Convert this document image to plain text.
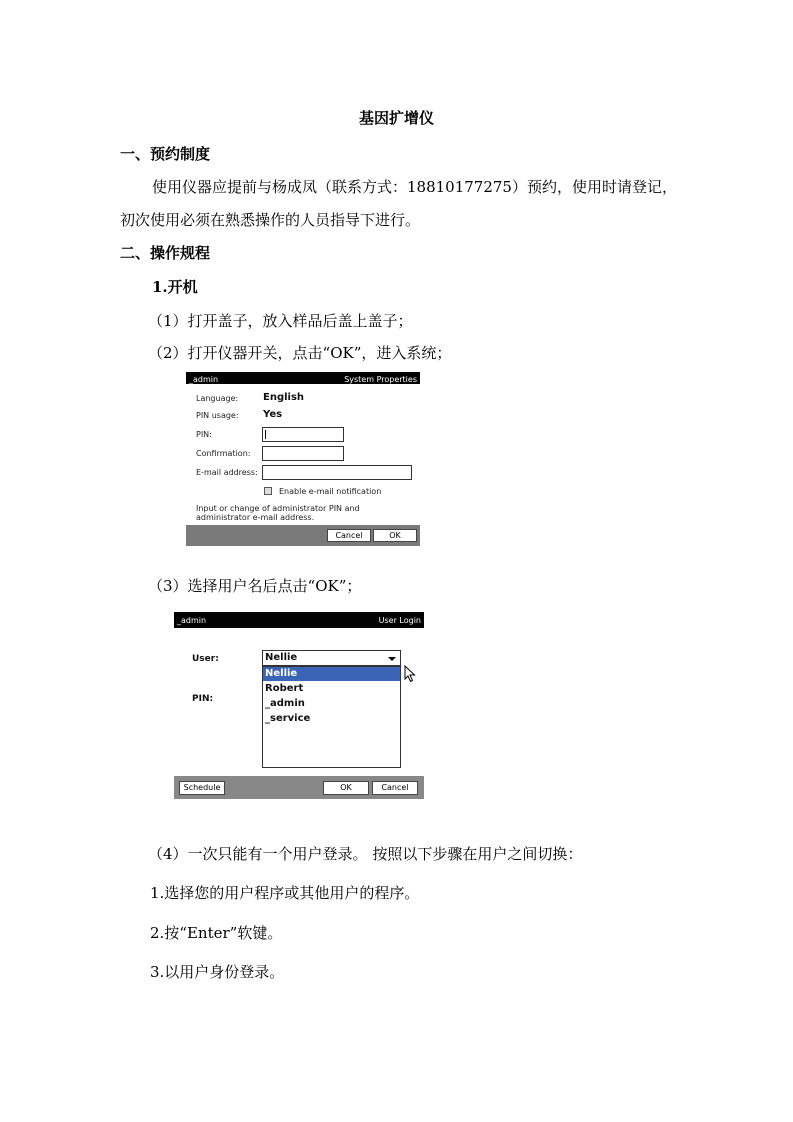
基因扩增仪
一、预约制度
使用仪器应提前与杨成凤（联系方式：18810177275）预约，使用时请登记，
初次使用必须在熟悉操作的人员指导下进行。
二、操作规程
1.开机
（1）打开盖子，放入样品后盖上盖子；
（2）打开仪器开关，点击“OK”，进入系统；
_admin	System Properties
Language: English
PIN usage: Yes
PIN:
Confirmation:
E-mail address:
Enable e-mail notification
Input or change of administrator PIN and
administrator e-mail address.
Cancel	OK
（3）选择用户名后点击“OK”；
_admin	User Login
User:
PIN:
Nellie
Nellie
Robert
_admin
_service
Schedule	OK	Cancel
（4）一次只能有一个用户登录。 按照以下步骤在用户之间切换：
1.选择您的用户程序或其他用户的程序。
2.按“Enter”软键。
3.以用户身份登录。
